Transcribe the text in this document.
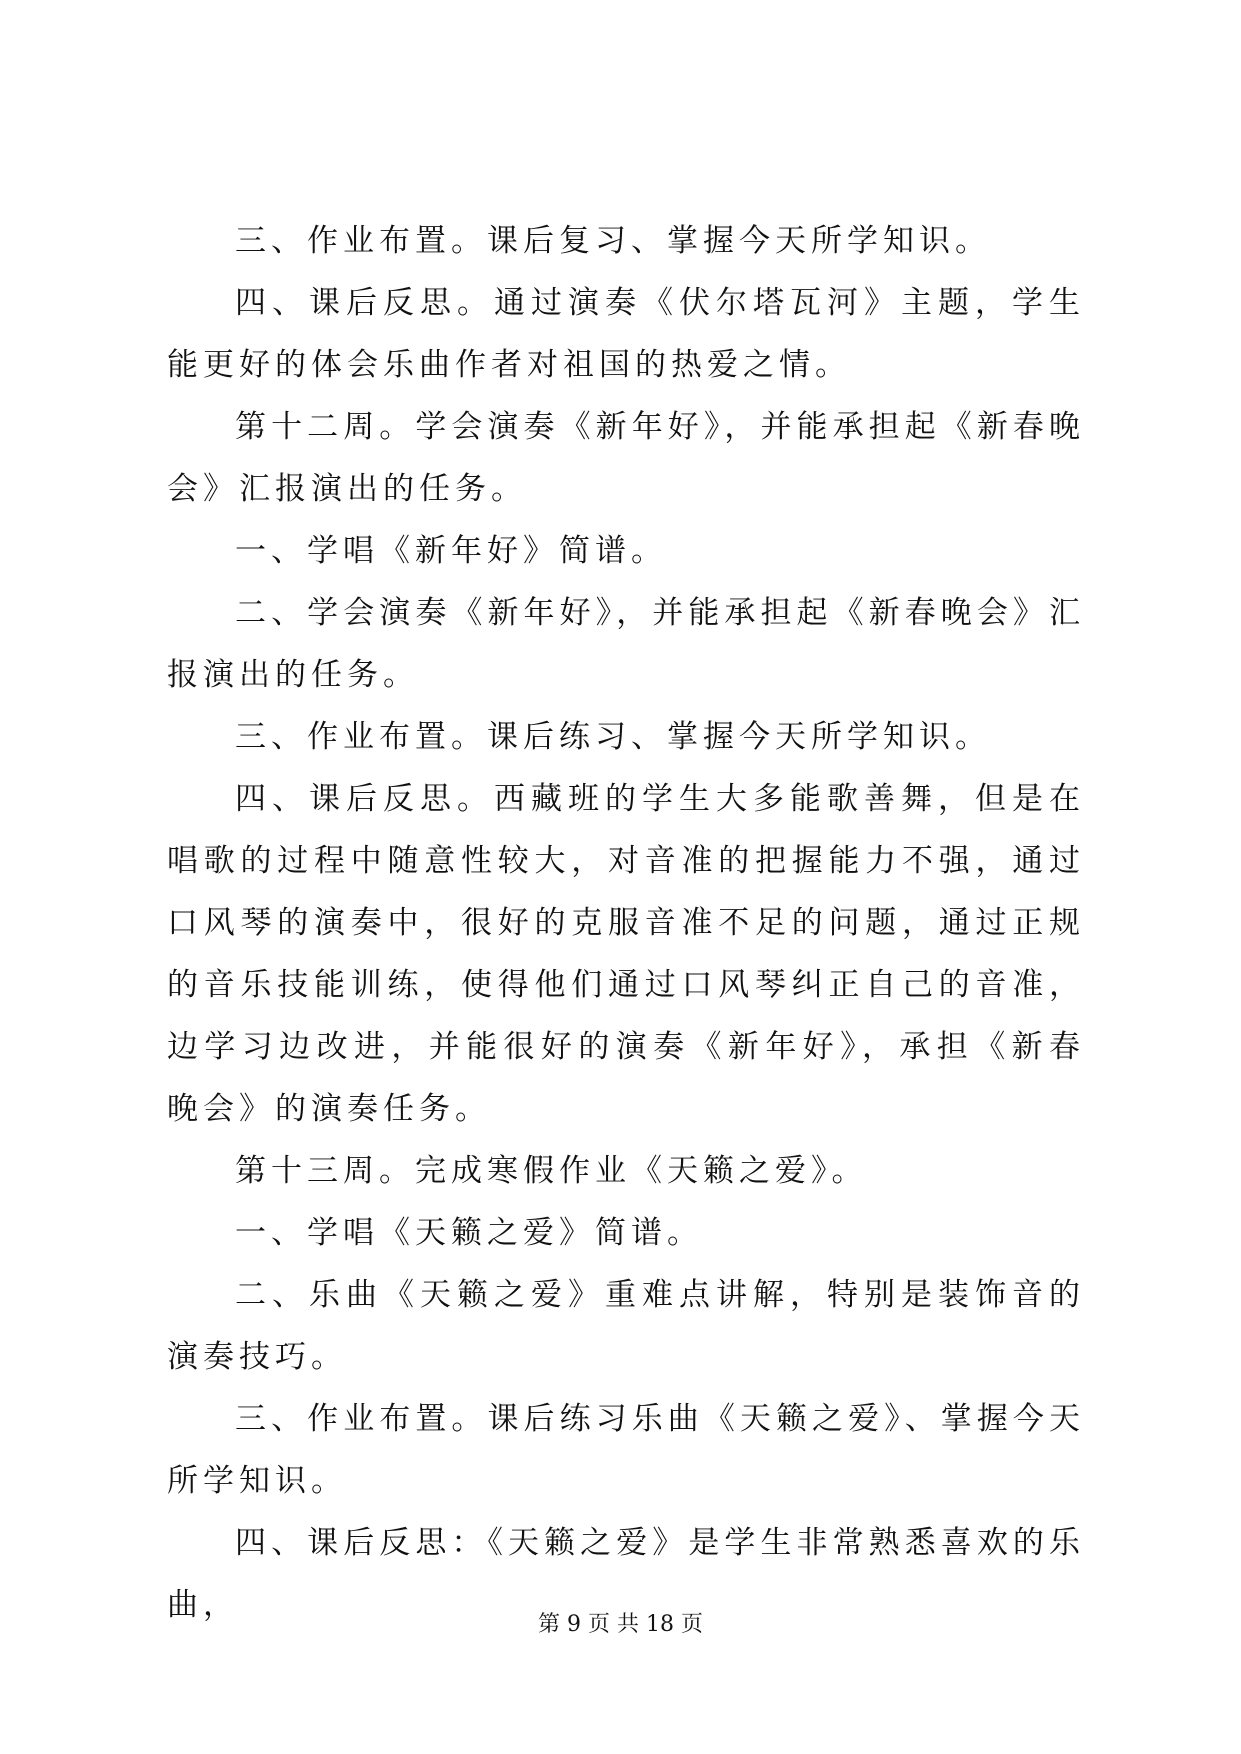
三、作业布置。课后复习、掌握今天所学知识。

四、课后反思。通过演奏《伏尔塔瓦河》主题，学生能更好的体会乐曲作者对祖国的热爱之情。

第十二周。学会演奏《新年好》，并能承担起《新春晚会》汇报演出的任务。

一、学唱《新年好》简谱。

二、学会演奏《新年好》，并能承担起《新春晚会》汇报演出的任务。

三、作业布置。课后练习、掌握今天所学知识。

四、课后反思。西藏班的学生大多能歌善舞，但是在唱歌的过程中随意性较大，对音准的把握能力不强，通过口风琴的演奏中，很好的克服音准不足的问题，通过正规的音乐技能训练，使得他们通过口风琴纠正自己的音准，边学习边改进，并能很好的演奏《新年好》，承担《新春晚会》的演奏任务。

第十三周。完成寒假作业《天籁之爱》。

一、学唱《天籁之爱》简谱。

二、乐曲《天籁之爱》重难点讲解，特别是装饰音的演奏技巧。

三、作业布置。课后练习乐曲《天籁之爱》、掌握今天所学知识。

四、课后反思：《天籁之爱》是学生非常熟悉喜欢的乐曲，

第 9 页 共 18 页
